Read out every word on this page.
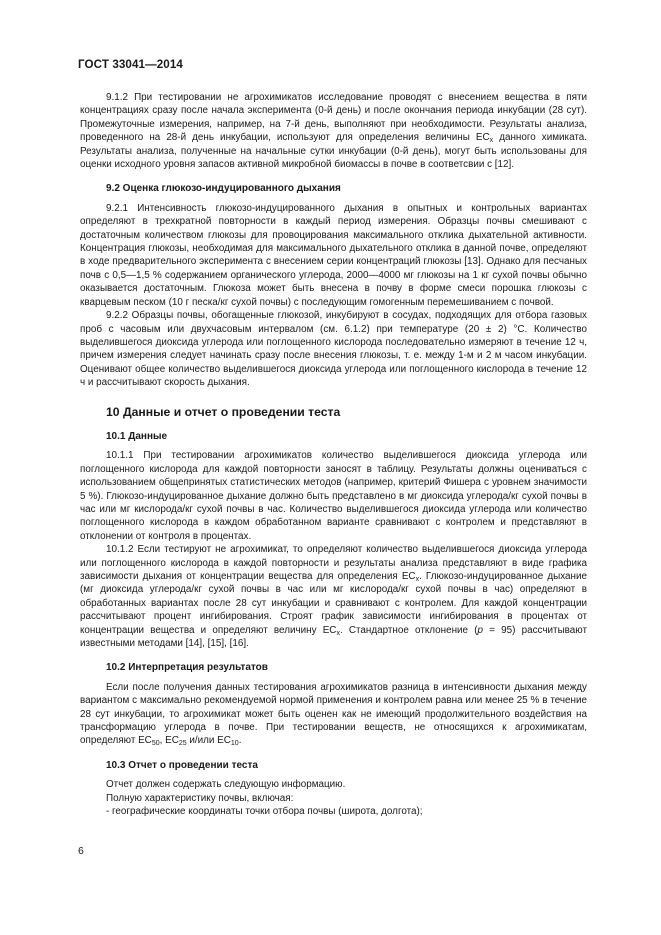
ГОСТ 33041—2014

9.1.2 При тестировании не агрохимикатов исследование проводят с внесением вещества в пяти концентрациях сразу после начала эксперимента (0-й день) и после окончания периода инкубации (28 сут). Промежуточные измерения, например, на 7-й день, выполняют при необходимости. Результаты анализа, проведенного на 28-й день инкубации, используют для определения величины $EC_x$ данного химиката. Результаты анализа, полученные на начальные сутки инкубации (0-й день), могут быть использованы для оценки исходного уровня запасов активной микробной биомассы в почве в соответсвии с [12].

9.2 Оценка глюкозо-индуцированного дыхания

9.2.1 Интенсивность глюкозо-индуцированного дыхания в опытных и контрольных вариантах определяют в трехкратной повторности в каждый период измерения. Образцы почвы смешивают с достаточным количеством глюкозы для провоцирования максимального отклика дыхательной активности. Концентрация глюкозы, необходимая для максимального дыхательного отклика в данной почве, определяют в ходе предварительного эксперимента с внесением серии концентраций глюкозы [13]. Однако для песчаных почв с 0,5—1,5 % содержанием органического углерода, 2000—4000 мг глюкозы на 1 кг сухой почвы обычно оказывается достаточным. Глюкоза может быть внесена в почву в форме смеси порошка глюкозы с кварцевым песком (10 г песка/кг сухой почвы) с последующим гомогенным перемешиванием с почвой.

9.2.2 Образцы почвы, обогащенные глюкозой, инкубируют в сосудах, подходящих для отбора газовых проб с часовым или двухчасовым интервалом (см. 6.1.2) при температуре (20 ± 2) °С. Количество выделившегося диоксида углерода или поглощенного кислорода последовательно измеряют в течение 12 ч, причем измерения следует начинать сразу после внесения глюкозы, т. е. между 1-м и 2 м часом инкубации. Оценивают общее количество выделившегося диоксида углерода или поглощенного кислорода в течение 12 ч и рассчитывают скорость дыхания.

10 Данные и отчет о проведении теста
10.1 Данные

10.1.1 При тестировании агрохимикатов количество выделившегося диоксида углерода или поглощенного кислорода для каждой повторности заносят в таблицу. Результаты должны оцениваться с использованием общепринятых статистических методов (например, критерий Фишера с уровнем значимости 5 %). Глюкозо-индуцированное дыхание должно быть представлено в мг диоксида углерода/кг сухой почвы в час или мг кислорода/кг сухой почвы в час. Количество выделившегося диоксида углерода или количество поглощенного кислорода в каждом обработанном варианте сравнивают с контролем и представляют в отклонении от контроля в процентах.

10.1.2 Если тестируют не агрохимикат, то определяют количество выделившегося диоксида углерода или поглощенного кислорода в каждой повторности и результаты анализа представляют в виде графика зависимости дыхания от концентрации вещества для определения $EC_x$. Глюкозо-индуцированное дыхание (мг диоксида углерода/кг сухой почвы в час или мг кислорода/кг сухой почвы в час) определяют в обработанных вариантах после 28 сут инкубации и сравнивают с контролем. Для каждой концентрации рассчитывают процент ингибирования. Строят график зависимости ингибирования в процентах от концентрации вещества и определяют величину $EC_x$. Стандартное отклонение (p = 95) рассчитывают известными методами [14], [15], [16].

10.2 Интерпретация результатов

Если после получения данных тестирования агрохимикатов разница в интенсивности дыхания между вариантом с максимально рекомендуемой нормой применения и контролем равна или менее 25 % в течение 28 сут инкубации, то агрохимикат может быть оценен как не имеющий продолжительного воздействия на трансформацию углерода в почве. При тестировании веществ, не относящихся к агрохимикатам, определяют $EC_{50}$, $EC_{25}$ и/или $EC_{10}$.

10.3 Отчет о проведении теста

Отчет должен содержать следующую информацию.

Полную характеристику почвы, включая:

- географические координаты точки отбора почвы (широта, долгота);

6
